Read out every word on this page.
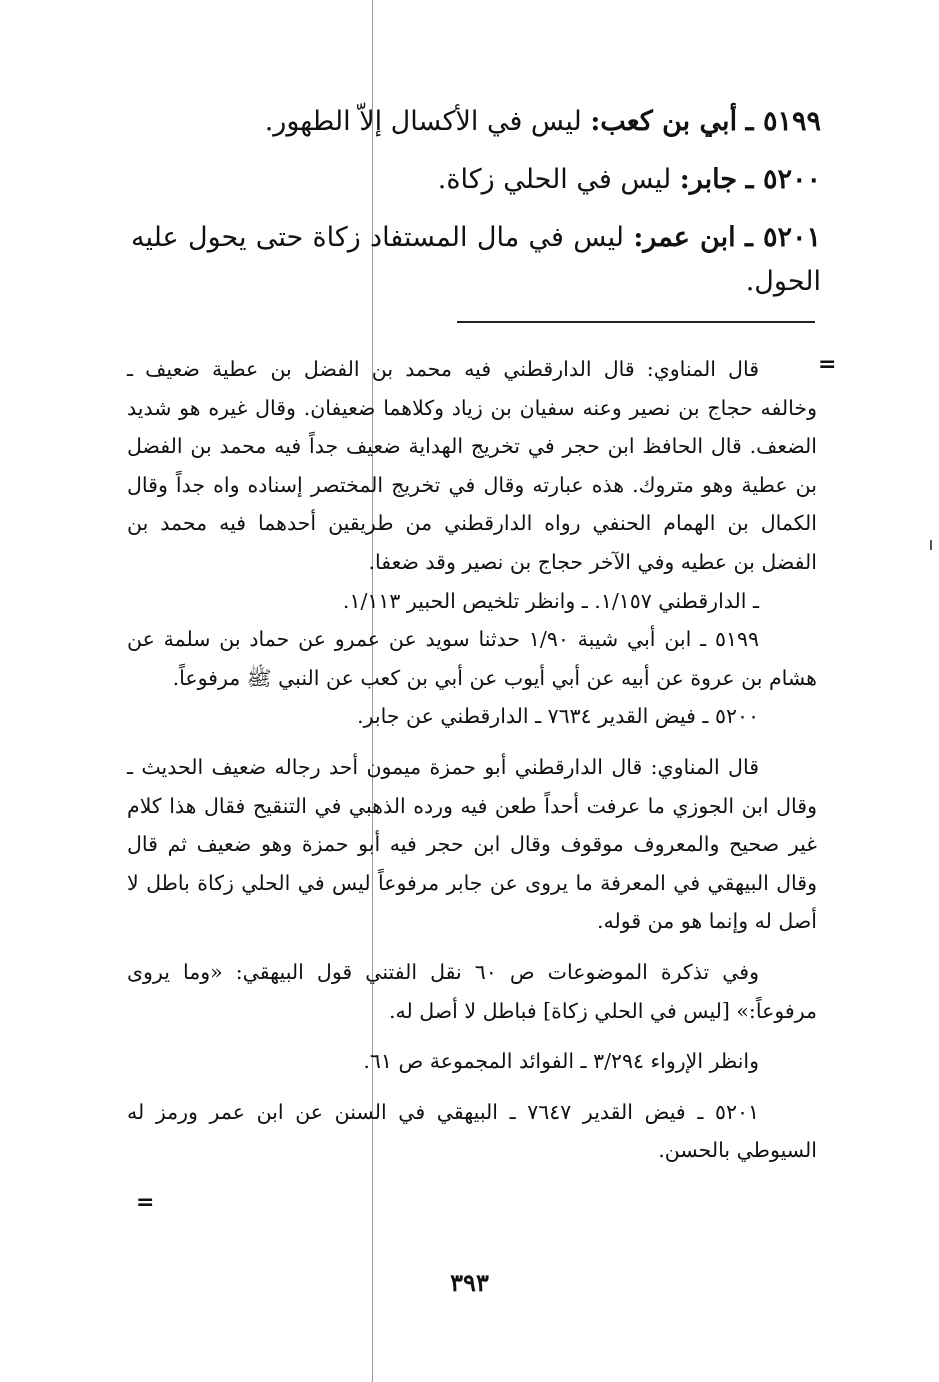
٥١٩٩ ـ أبي بن كعب: ليس في الأكسال إلاّ الطهور.

٥٢٠٠ ـ جابر: ليس في الحلي زكاة.

٥٢٠١ ـ ابن عمر: ليس في مال المستفاد زكاة حتى يحول عليه الحول.

=

قال المناوي: قال الدارقطني فيه محمد بن الفضل بن عطية ضعيف ـ وخالفه حجاج بن نصير وعنه سفيان بن زياد وكلاهما ضعيفان. وقال غيره هو شديد الضعف. قال الحافظ ابن حجر في تخريج الهداية ضعيف جداً فيه محمد بن الفضل بن عطية وهو متروك. هذه عبارته وقال في تخريج المختصر إسناده واه جداً وقال الكمال بن الهمام الحنفي رواه الدارقطني من طريقين أحدهما فيه محمد بن الفضل بن عطيه وفي الآخر حجاج بن نصير وقد ضعفا.

ـ الدارقطني ١/١٥٧. ـ وانظر تلخيص الحبير ١/١١٣.

٥١٩٩ ـ ابن أبي شيبة ١/٩٠ حدثنا سويد عن عمرو عن حماد بن سلمة عن هشام بن عروة عن أبيه عن أبي أيوب عن أبي بن كعب عن النبي ﷺ مرفوعاً.

٥٢٠٠ ـ فيض القدير ٧٦٣٤ ـ الدارقطني عن جابر.

قال المناوي: قال الدارقطني أبو حمزة ميمون أحد رجاله ضعيف الحديث ـ وقال ابن الجوزي ما عرفت أحداً طعن فيه ورده الذهبي في التنقيح فقال هذا كلام غير صحيح والمعروف موقوف وقال ابن حجر فيه أبو حمزة وهو ضعيف ثم قال وقال البيهقي في المعرفة ما يروى عن جابر مرفوعاً ليس في الحلي زكاة باطل لا أصل له وإنما هو من قوله.

وفي تذكرة الموضوعات ص ٦٠ نقل الفتني قول البيهقي: «وما يروى مرفوعاً:» [ليس في الحلي زكاة] فباطل لا أصل له.

وانظر الإرواء ٣/٢٩٤ ـ الفوائد المجموعة ص ٦١.

٥٢٠١ ـ فيض القدير ٧٦٤٧ ـ البيهقي في السنن عن ابن عمر ورمز له السيوطي بالحسن.

=
٣٩٣
